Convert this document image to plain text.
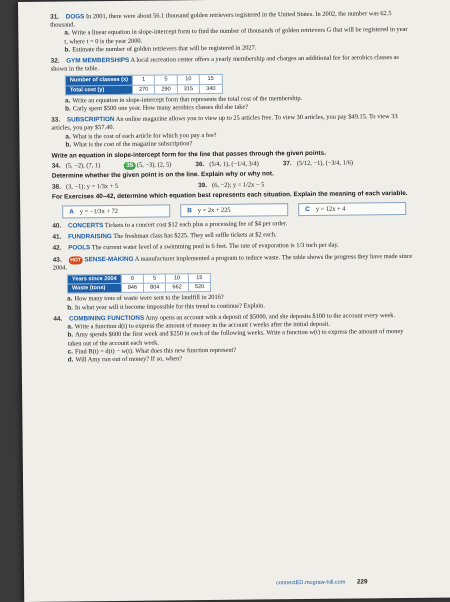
31. DOGS In 2001, there were about 56.1 thousand golden retrievers registered in the United States. In 2002, the number was 62.5 thousand.
a. Write a linear equation in slope-intercept form to find the number of thousands of golden retrievers G that will be registered in year t, where t = 0 is the year 2000.
b. Estimate the number of golden retrievers that will be registered in 2027.
32. GYM MEMBERSHIPS A local recreation center offers a yearly membership and charges an additional fee for aerobics classes as shown in the table.
Number of classes (x)	1	5	10	15
Total cost (y)	270	290	315	340
a. Write an equation in slope-intercept form that represents the total cost of the membership.
b. Carly spent $500 one year. How many aerobics classes did she take?
33. SUBSCRIPTION An online magazine allows you to view up to 25 articles free. To view 30 articles, you pay $49.15. To view 33 articles, you pay $57.40.
a. What is the cost of each article for which you pay a fee?
b. What is the cost of the magazine subscription?
Write an equation in slope-intercept form for the line that passes through the given points.
34. (5, −2), (7, 1)	35 (5, −3), (2, 5)	36. (5/4, 1), (−1/4, 3/4)	37. (5/12, −1), (−3/4, 1/6)
Determine whether the given point is on the line. Explain why or why not.
38. (3, −1); y = 1/3x + 5	39. (6, −2); y = 1/2x − 5
For Exercises 40–42, determine which equation best represents each situation. Explain the meaning of each variable.
A y = −1/3x + 72	B y = 2x + 225	C y = 12x + 4
40. CONCERTS Tickets to a concert cost $12 each plus a processing fee of $4 per order.
41. FUNDRAISING The freshman class has $225. They sell raffle tickets at $2 each.
42. POOLS The current water level of a swimming pool is 6 feet. The rate of evaporation is 1/3 inch per day.
43. HOT SENSE-MAKING A manufacturer implemented a program to reduce waste. The table shows the progress they have made since 2004.
Years since 2004	0	5	10	15
Waste (tons)	946	804	662	520
a. How many tons of waste were sent to the landfill in 2016?
b. In what year will it become impossible for this trend to continue? Explain.
44. COMBINING FUNCTIONS Amy opens an account with a deposit of $5000, and she deposits $100 to the account every week.
a. Write a function d(t) to express the amount of money in the account t weeks after the initial deposit.
b. Amy spends $600 the first week and $250 in each of the following weeks. Write a function w(t) to express the amount of money taken out of the account each week.
c. Find B(t) = d(t) − w(t). What does this new function represent?
d. Will Amy run out of money? If so, when?
connectED.mcgraw-hill.com 229
